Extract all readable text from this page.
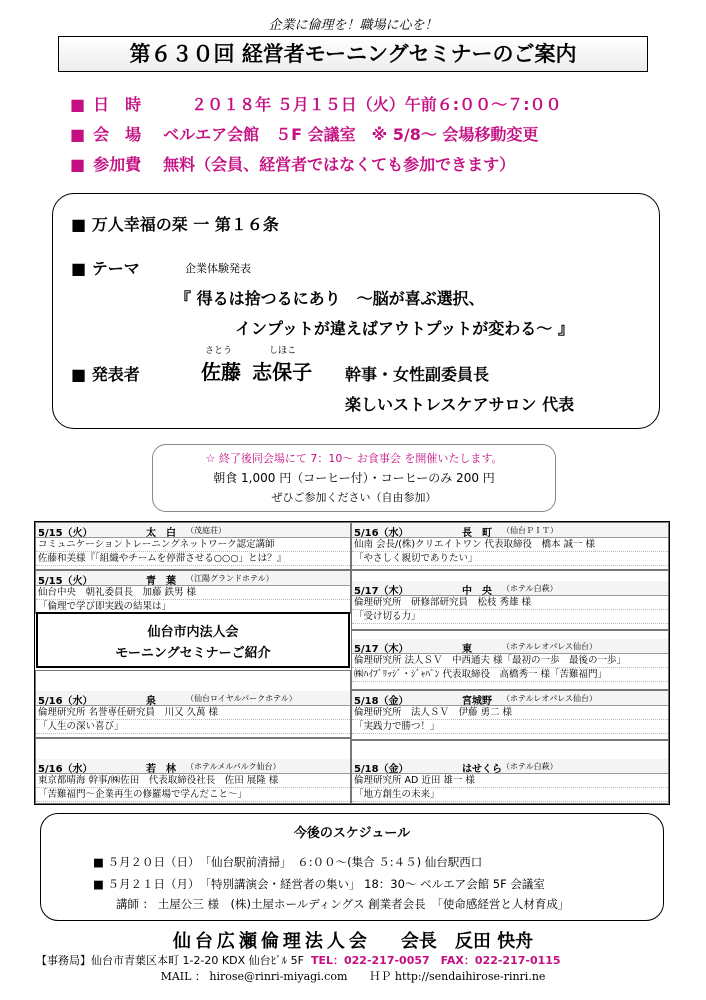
企業に倫理を！職場に心を！
第６３０回 経営者モーニングセミナーのご案内
■ 日　時	２０１８年 ５月１５日（火）午前６:００～７:００
■ 会　場 ベルエア会館　５F 会議室　※ 5/8～ 会場移動変更
■ 参加費 無料（会員、経営者ではなくても参加できます）
■ 万人幸福の栞 一 第１６条
■ テーマ	企業体験発表
『 得るは捨つるにあり　～脳が喜ぶ選択、
インプットが違えばアウトプットが変わる～ 』
■ 発表者
さとう	しほこ
佐藤 志保子 幹事・女性副委員長
楽しいストレスケアサロン 代表
☆ 終了後同会場にて 7：10～ お食事会 を開催いたします。
朝食 1,000 円（コーヒー付）・コーヒーのみ 200 円
ぜひご参加ください（自由参加）
5/15（火）	太　白 （茂庭荘）
コミュニケーショントレーニングネットワーク認定講師
佐藤和美様『「組織やチームを停滞させる○○○」とは？』
5/15（火）	青　葉 （江陽グランドホテル）
仙台中央　朝礼委員長　加藤 鉄男 様
「倫理で学び即実践の結果は」
仙台市内法人会
モーニングセミナーご紹介
5/16（水）	泉	（仙台ロイヤルパークホテル）
倫理研究所 名誉専任研究員　川又 久萬 様
「人生の深い喜び」
5/16（水）	若　林 （ホテルメルパルク仙台）
東京都晴海 幹事/㈱佐田　代表取締役社長　佐田 展隆 様
「苦難福門～企業再生の修羅場で学んだこと～」
5/16（水）	長　町 （仙台ＰＩＴ）
仙南 会長/(株)クリエイトワン 代表取締役　橋本 誠一 様
「やさしく親切でありたい」
5/17（木）	中　央 （ホテル白萩）
倫理研究所　研修部研究員　松枝 秀雄 様
「受け切る力」
5/17（木）	東	（ホテルレオパレス仙台）
倫理研究所 法人ＳＶ　中西通夫 様「最初の一歩　最後の一歩」
㈱ﾊｲﾌﾞﾘｯｼﾞ・ｼﾞｬﾊﾟﾝ 代表取締役　高橋秀一 様「苦難福門」
5/18（金）	宮城野 （ホテルレオパレス仙台）
倫理研究所　法人ＳＶ　伊藤 勇二 様
「実践力で勝つ！」
5/18（金）	はせくら （ホテル白萩）
倫理研究所 AD 近田 雄一 様
「地方創生の未来」
今後のスケジュール
■ ５月２０日（日）　「仙台駅前清掃」　６:００～(集合 ５:４５) 仙台駅西口
■ ５月２１日（月）　「特別講演会・経営者の集い」 18：30～ ベルエア会館 5F 会議室
　　講師 ： 土屋公三 様　(株)土屋ホールディングス 創業者会長　「使命感経営と人材育成」
仙台広瀬倫理法人会 会長　反田 快舟
【事務局】仙台市青葉区本町 1-2-20 KDX 仙台ﾋﾞﾙ 5F TEL：022-217-0057　FAX：022-217-0115
MAIL ： hirose@rinri-miyagi.com　　ＨＰ http://sendaihirose-rinri.ne
